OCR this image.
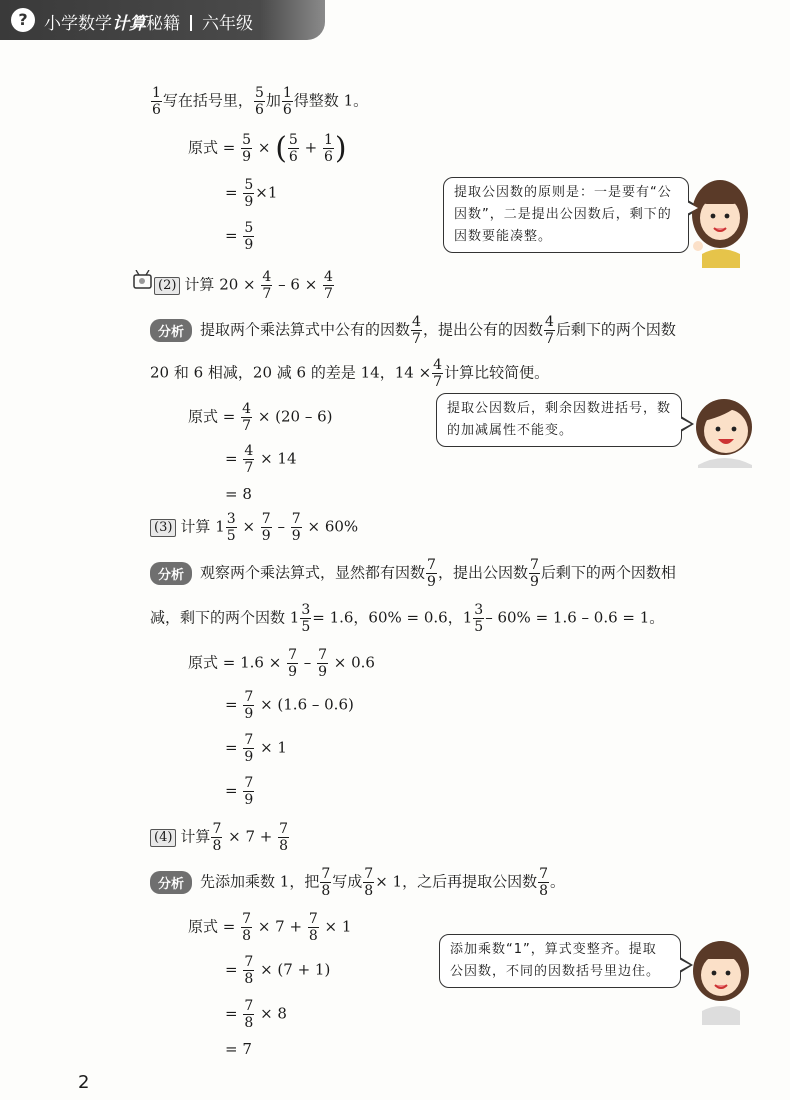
? 小学数学计算秘籍 六年级
$\frac{1}{6}$ 写在括号里， $\frac{5}{6}$ 加 $\frac{1}{6}$ 得整数 1。
原式 = $\frac{5}{9}$ × ( $\frac{5}{6} + \frac{1}{6}$ )
= $\frac{5}{9} \times 1$
= $\frac{5}{9}$
提取公因数的原则是：一是要有“公因数”，二是提出公因数后，剩下的因数要能凑整。
(2) 计算 $20 \times \frac{4}{7} - 6 \times \frac{4}{7}$
分析 提取两个乘法算式中公有的因数 $\frac{4}{7}$ ，提出公有的因数 $\frac{4}{7}$ 后剩下的两个因数
20 和 6 相减，20 减 6 的差是 14，$14 \times \frac{4}{7}$ 计算比较简便。
原式 = $\frac{4}{7} \times (20 - 6)$
= $\frac{4}{7} \times 14$
= 8
提取公因数后，剩余因数进括号，数的加减属性不能变。
(3) 计算 $1 \frac{3}{5} \times \frac{7}{9} - \frac{7}{9} \times 60\%$
分析 观察两个乘法算式，显然都有因数 $\frac{7}{9}$ ，提出公因数 $\frac{7}{9}$ 后剩下的两个因数相
减，剩下的两个因数 $1 \frac{3}{5} = 1.6$，60% = 0.6，$1 \frac{3}{5} - 60\% = 1.6 - 0.6 = 1$。
原式 = $1.6 \times \frac{7}{9} - \frac{7}{9} \times 0.6$
= $\frac{7}{9} \times (1.6 - 0.6)$
= $\frac{7}{9} \times 1$
= $\frac{7}{9}$
(4) 计算 $\frac{7}{8} \times 7 + \frac{7}{8}$
分析 先添加乘数 1，把 $\frac{7}{8}$ 写成 $\frac{7}{8} \times 1$，之后再提取公因数 $\frac{7}{8}$ 。
原式 = $\frac{7}{8} \times 7 + \frac{7}{8} \times 1$
= $\frac{7}{8} \times (7 + 1)$
= $\frac{7}{8} \times 8$
= 7
添加乘数“1”，算式变整齐。提取公因数，不同的因数括号里边住。
2
